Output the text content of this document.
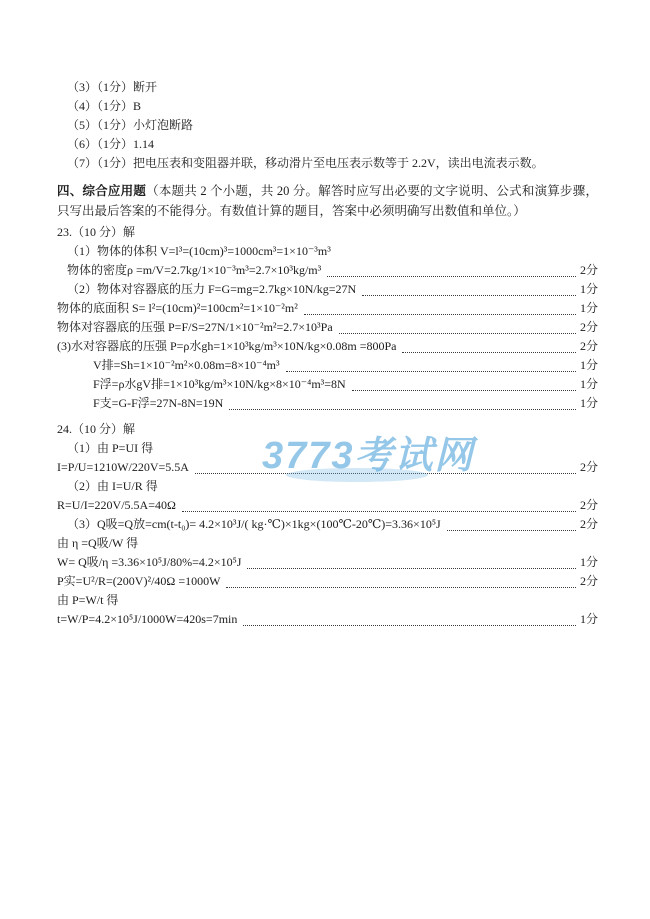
3773考试网
（3）（1分）断开
（4）（1分）B
（5）（1分）小灯泡断路
（6）（1分）1.14
（7）（1分）把电压表和变阻器并联，移动滑片至电压表示数等于 2.2V，读出电流表示数。
四、综合应用题（本题共 2 个小题，共 20 分。解答时应写出必要的文字说明、公式和演算步骤，只写出最后答案的不能得分。有数值计算的题目，答案中必须明确写出数值和单位。）
23.（10 分）解
（1）物体的体积 V=l³=(10cm)³=1000cm³=1×10⁻³m³
物体的密度ρ =m/V=2.7kg/1×10⁻³m³=2.7×10³kg/m³	2分
（2）物体对容器底的压力 F=G=mg=2.7kg×10N/kg=27N	1分
物体的底面积 S= l²=(10cm)²=100cm²=1×10⁻²m²	1分
物体对容器底的压强 P=F/S=27N/1×10⁻²m²=2.7×10³Pa	2分
(3)水对容器底的压强 P=ρ水gh=1×10³kg/m³×10N/kg×0.08m =800Pa	2分
V排=Sh=1×10⁻²m²×0.08m=8×10⁻⁴m³	1分
F浮=ρ水gV排=1×10³kg/m³×10N/kg×8×10⁻⁴m³=8N	1分
F支=G-F浮=27N-8N=19N	1分
24.（10 分）解
（1）由 P=UI 得
I=P/U=1210W/220V=5.5A	2分
（2）由 I=U/R 得
R=U/I=220V/5.5A=40Ω	2分
（3）Q吸=Q放=cm(t-t₀)= 4.2×10³J/( kg·℃)×1kg×(100℃-20℃)=3.36×10⁵J	2分
由 η =Q吸/W 得
W= Q吸/η =3.36×10⁵J/80%=4.2×10⁵J	1分
P实=U²/R=(200V)²/40Ω =1000W	2分
由 P=W/t 得
t=W/P=4.2×10⁵J/1000W=420s=7min	1分
